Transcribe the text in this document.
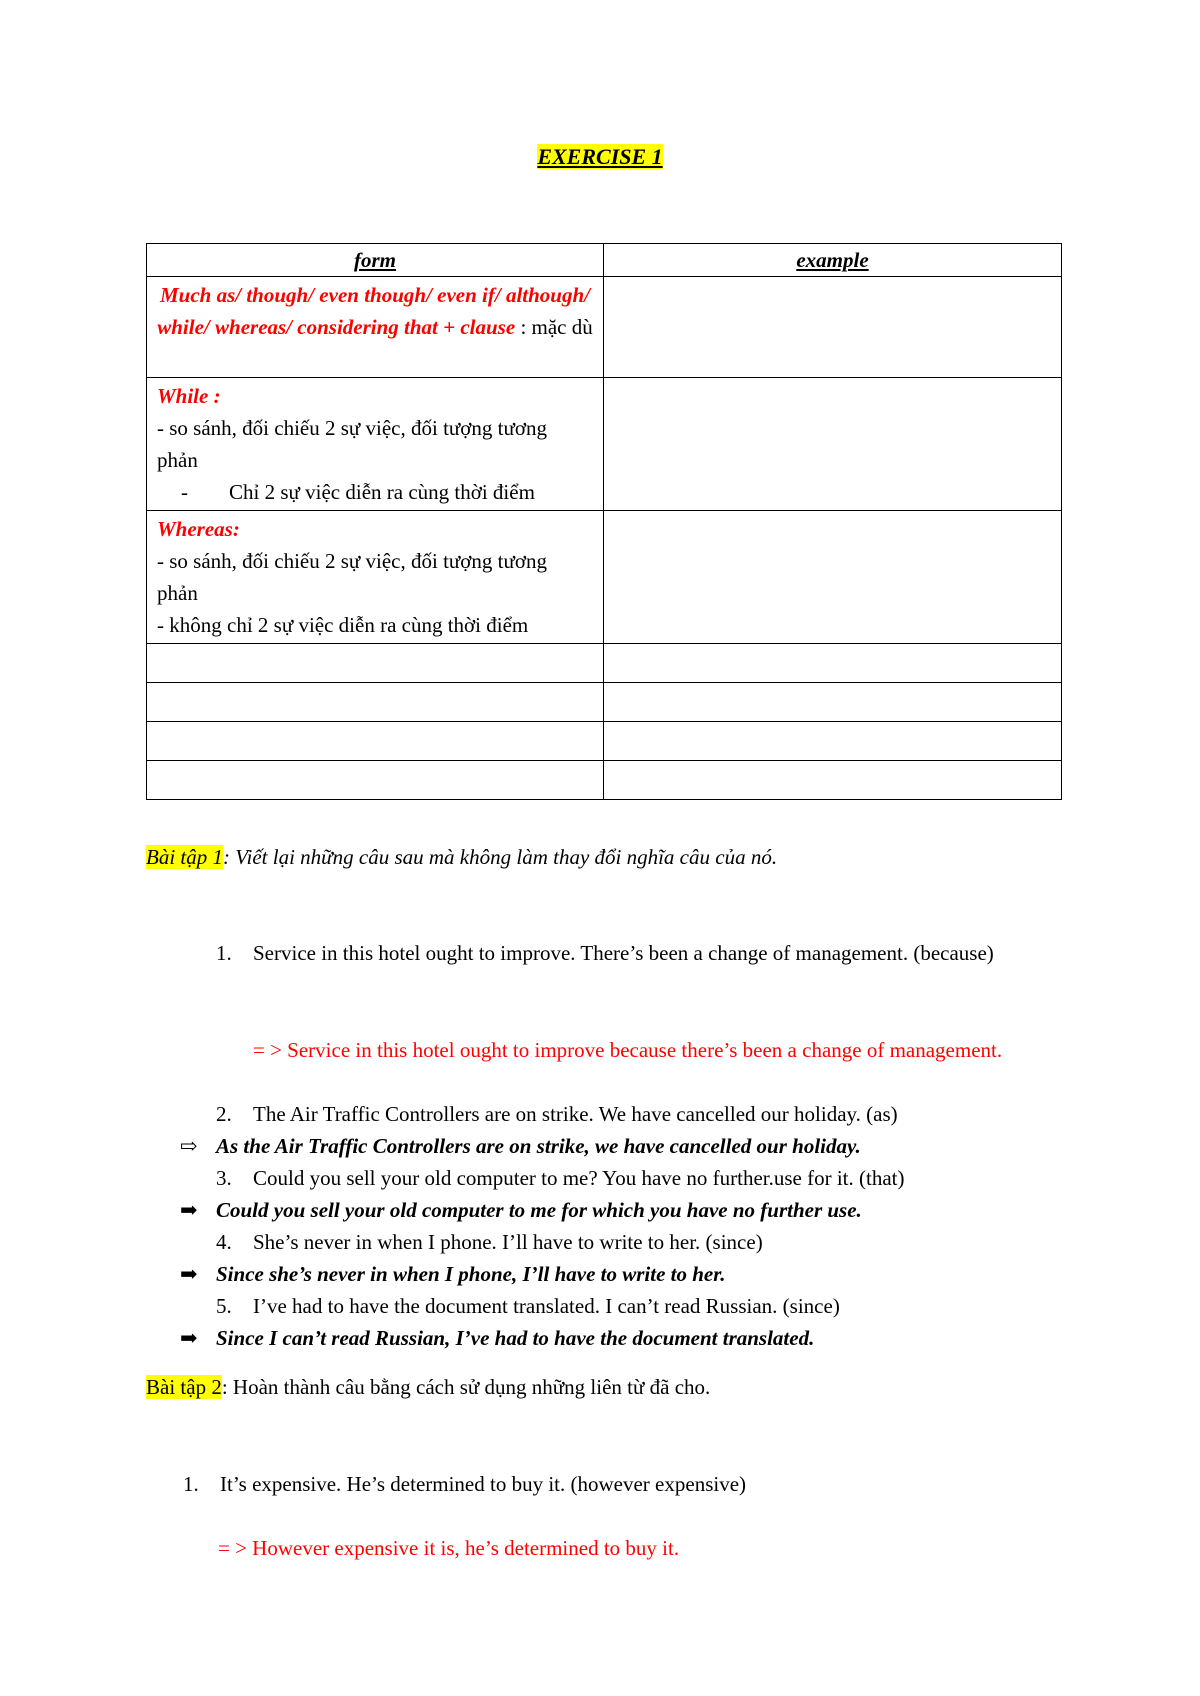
EXERCISE 1
form	example
Much as/ though/ even though/ even if/ although/ while/ whereas/ considering that + clause : mặc dù	

While :
- so sánh, đối chiếu 2 sự việc, đối tượng tương phản
- Chỉ 2 sự việc diễn ra cùng thời điểm	

Whereas:
- so sánh, đối chiếu 2 sự việc, đối tượng tương phản
- không chỉ 2 sự việc diễn ra cùng thời điểm	

Bài tập 1: Viết lại những câu sau mà không làm thay đổi nghĩa câu của nó.
1. Service in this hotel ought to improve. There’s been a change of management. (because)
= > Service in this hotel ought to improve because there’s been a change of management.
2. The Air Traffic Controllers are on strike. We have cancelled our holiday. (as)
⇨ As the Air Traffic Controllers are on strike, we have cancelled our holiday.
3. Could you sell your old computer to me? You have no further.use for it. (that)
➡ Could you sell your old computer to me for which you have no further use.
4. She’s never in when I phone. I’ll have to write to her. (since)
➡ Since she’s never in when I phone, I’ll have to write to her.
5. I’ve had to have the document translated. I can’t read Russian. (since)
➡ Since I can’t read Russian, I’ve had to have the document translated.
Bài tập 2: Hoàn thành câu bằng cách sử dụng những liên từ đã cho.
1. It’s expensive. He’s determined to buy it. (however expensive)
= > However expensive it is, he’s determined to buy it.
